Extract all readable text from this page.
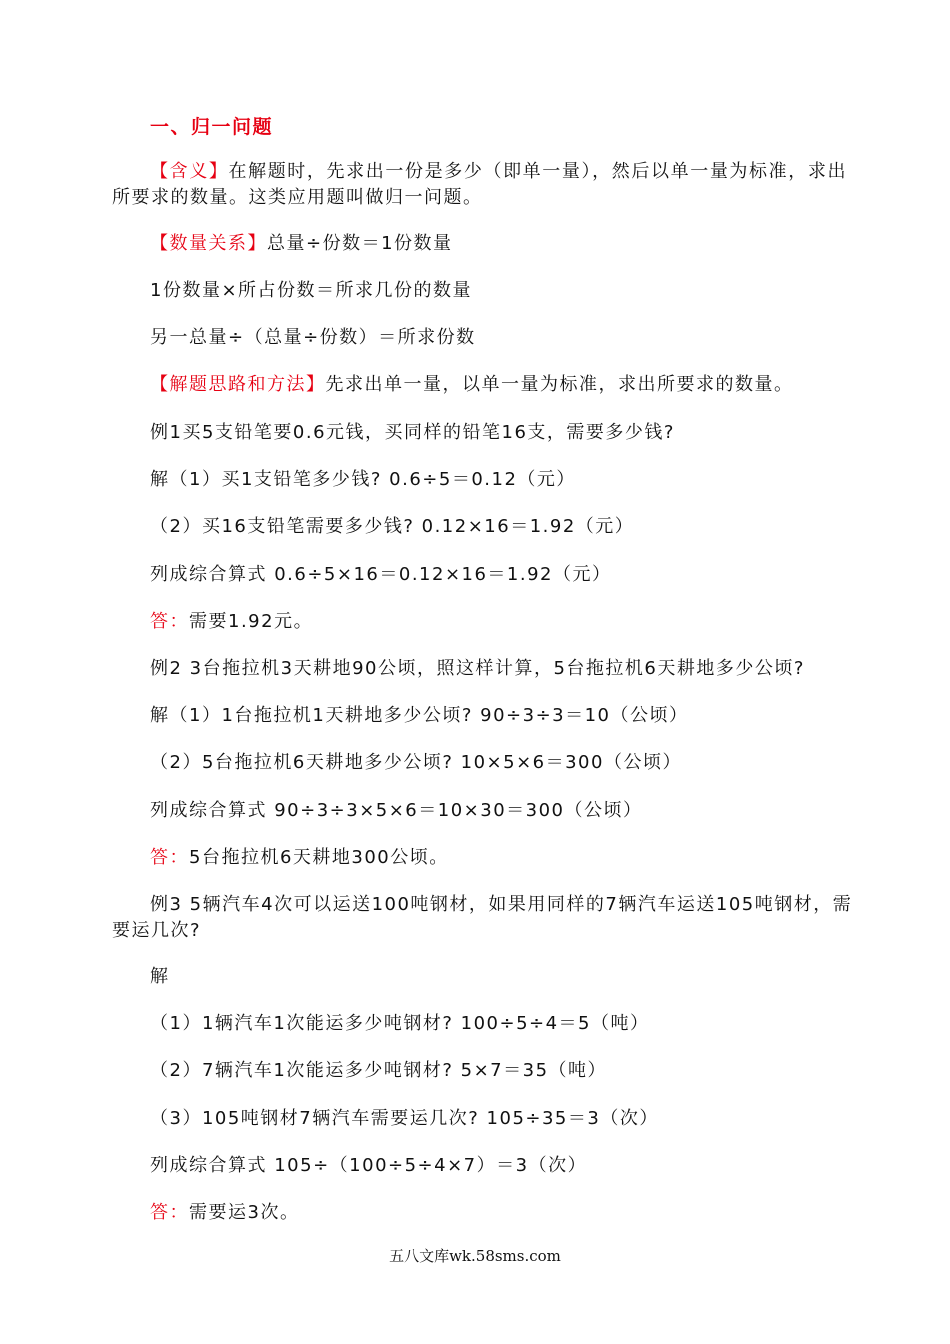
一、归一问题
【含义】在解题时，先求出一份是多少（即单一量），然后以单一量为标准，求出
所要求的数量。这类应用题叫做归一问题。
【数量关系】总量÷份数＝1份数量
1份数量×所占份数＝所求几份的数量
另一总量÷（总量÷份数）＝所求份数
【解题思路和方法】先求出单一量，以单一量为标准，求出所要求的数量。
例1买5支铅笔要0.6元钱，买同样的铅笔16支，需要多少钱?
解（1）买1支铅笔多少钱? 0.6÷5＝0.12（元）
（2）买16支铅笔需要多少钱? 0.12×16＝1.92（元）
列成综合算式 0.6÷5×16＝0.12×16＝1.92（元）
答：需要1.92元。
例2 3台拖拉机3天耕地90公顷，照这样计算，5台拖拉机6天耕地多少公顷?
解（1）1台拖拉机1天耕地多少公顷? 90÷3÷3＝10（公顷）
（2）5台拖拉机6天耕地多少公顷? 10×5×6＝300（公顷）
列成综合算式 90÷3÷3×5×6＝10×30＝300（公顷）
答：5台拖拉机6天耕地300公顷。
例3 5辆汽车4次可以运送100吨钢材，如果用同样的7辆汽车运送105吨钢材，需
要运几次?
解
（1）1辆汽车1次能运多少吨钢材? 100÷5÷4＝5（吨）
（2）7辆汽车1次能运多少吨钢材? 5×7＝35（吨）
（3）105吨钢材7辆汽车需要运几次? 105÷35＝3（次）
列成综合算式 105÷（100÷5÷4×7）＝3（次）
答：需要运3次。
五八文库wk.58sms.com
